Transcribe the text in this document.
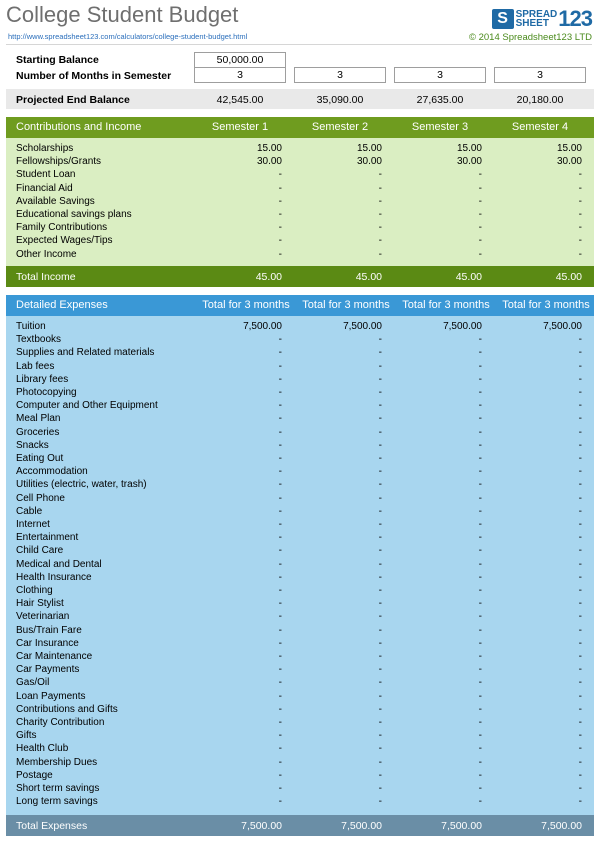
College Student Budget	S SPREAD
SHEET 123
http://www.spreadsheet123.com/calculators/college-student-budget.html	© 2014 Spreadsheet123 LTD
Starting Balance	50,000.00
Number of Months in Semester	3	3	3	3
Projected End Balance	42,545.00	35,090.00	27,635.00	20,180.00
Contributions and Income	Semester 1	Semester 2	Semester 3	Semester 4
Scholarships	15.00	15.00	15.00	15.00
Fellowships/Grants	30.00	30.00	30.00	30.00
Student Loan	-	-	-	-
Financial Aid	-	-	-	-
Available Savings	-	-	-	-
Educational savings plans	-	-	-	-
Family Contributions	-	-	-	-
Expected Wages/Tips	-	-	-	-
Other Income	-	-	-	-
Total Income	45.00	45.00	45.00	45.00
Detailed Expenses	Total for 3 months	Total for 3 months	Total for 3 months	Total for 3 months
Tuition	7,500.00	7,500.00	7,500.00	7,500.00
Textbooks	-	-	-	-
Supplies and Related materials	-	-	-	-
Lab fees	-	-	-	-
Library fees	-	-	-	-
Photocopying	-	-	-	-
Computer and Other Equipment	-	-	-	-
Meal Plan	-	-	-	-
Groceries	-	-	-	-
Snacks	-	-	-	-
Eating Out	-	-	-	-
Accommodation	-	-	-	-
Utilities (electric, water, trash)	-	-	-	-
Cell Phone	-	-	-	-
Cable	-	-	-	-
Internet	-	-	-	-
Entertainment	-	-	-	-
Child Care	-	-	-	-
Medical and Dental	-	-	-	-
Health Insurance	-	-	-	-
Clothing	-	-	-	-
Hair Stylist	-	-	-	-
Veterinarian	-	-	-	-
Bus/Train Fare	-	-	-	-
Car Insurance	-	-	-	-
Car Maintenance	-	-	-	-
Car Payments	-	-	-	-
Gas/Oil	-	-	-	-
Loan Payments	-	-	-	-
Contributions and Gifts	-	-	-	-
Charity Contribution	-	-	-	-
Gifts	-	-	-	-
Health Club	-	-	-	-
Membership Dues	-	-	-	-
Postage	-	-	-	-
Short term savings	-	-	-	-
Long term savings	-	-	-	-
Total Expenses	7,500.00	7,500.00	7,500.00	7,500.00
